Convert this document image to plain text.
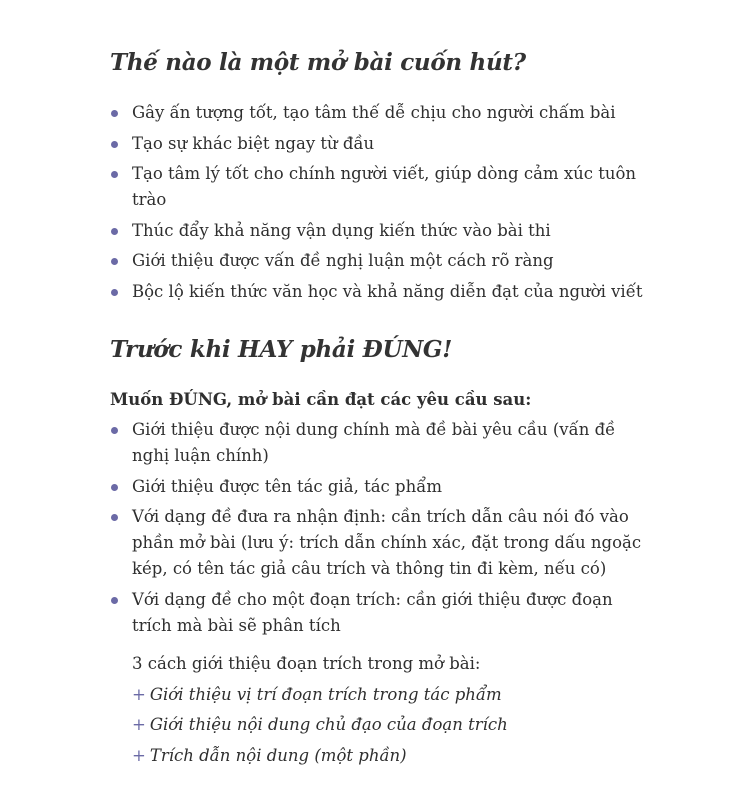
Thế nào là một mở bài cuốn hút?
Gây ấn tượng tốt, tạo tâm thế dễ chịu cho người chấm bài
Tạo sự khác biệt ngay từ đầu
Tạo tâm lý tốt cho chính người viết, giúp dòng cảm xúc tuôn trào
Thúc đẩy khả năng vận dụng kiến thức vào bài thi
Giới thiệu được vấn đề nghị luận một cách rõ ràng
Bộc lộ kiến thức văn học và khả năng diễn đạt của người viết
Trước khi HAY phải ĐÚNG!

Muốn ĐÚNG, mở bài cần đạt các yêu cầu sau:

Giới thiệu được nội dung chính mà đề bài yêu cầu (vấn đề nghị luận chính)
Giới thiệu được tên tác giả, tác phẩm
Với dạng đề đưa ra nhận định: cần trích dẫn câu nói đó vào phần mở bài (lưu ý: trích dẫn chính xác, đặt trong dấu ngoặc kép, có tên tác giả câu trích và thông tin đi kèm, nếu có)
Với dạng đề cho một đoạn trích: cần giới thiệu được đoạn trích mà bài sẽ phân tích

3 cách giới thiệu đoạn trích trong mở bài:

+ Giới thiệu vị trí đoạn trích trong tác phẩm
+ Giới thiệu nội dung chủ đạo của đoạn trích
+ Trích dẫn nội dung (một phần)
